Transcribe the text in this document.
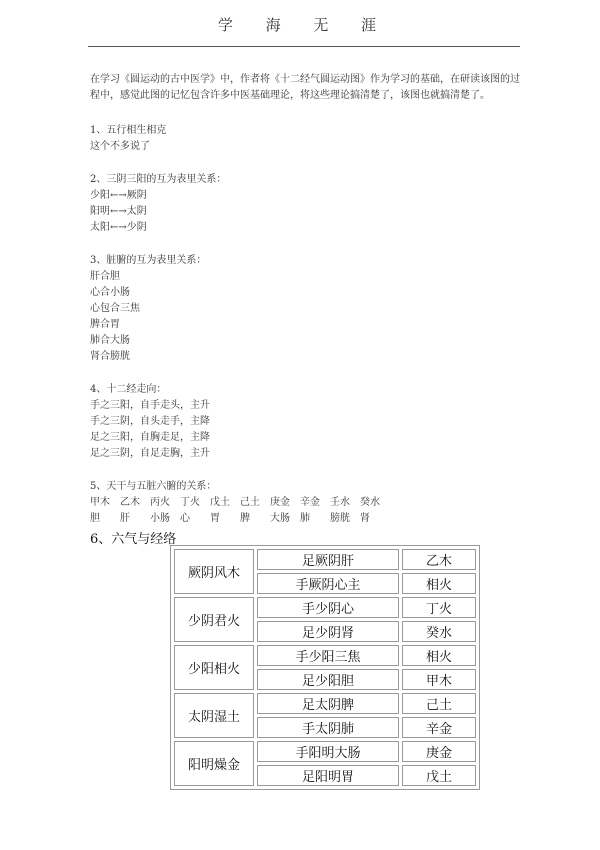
学 海 无 涯

在学习《圆运动的古中医学》中，作者将《十二经气圆运动图》作为学习的基础，在研读该图的过程中，感觉此图的记忆包含许多中医基础理论，将这些理论搞清楚了，该图也就搞清楚了。

1、五行相生相克

这个不多说了

2、三阴三阳的互为表里关系：

少阳←→厥阴

阳明←→太阴

太阳←→少阴

3、脏腑的互为表里关系：

肝合胆

心合小肠

心包合三焦

脾合胃

肺合大肠

肾合膀胱

4、十二经走向：

手之三阳，自手走头，主升

手之三阴，自头走手，主降

足之三阳，自胸走足，主降

足之三阴，自足走胸，主升

5、天干与五脏六腑的关系：

甲木	乙木	丙火	丁火	戊土	己土	庚金	辛金	壬水	癸水
胆	肝	小肠	心	胃	脾	大肠	肺	膀胱	肾
6、六气与经络
厥阴风木	足厥阴肝	乙木
	手厥阴心主	相火
少阴君火	手少阴心	丁火
	足少阴肾	癸水
少阳相火	手少阳三焦	相火
	足少阳胆	甲木
太阴湿土	足太阴脾	己土
	手太阴肺	辛金
阳明燥金	手阳明大肠	庚金
	足阳明胃	戊土
